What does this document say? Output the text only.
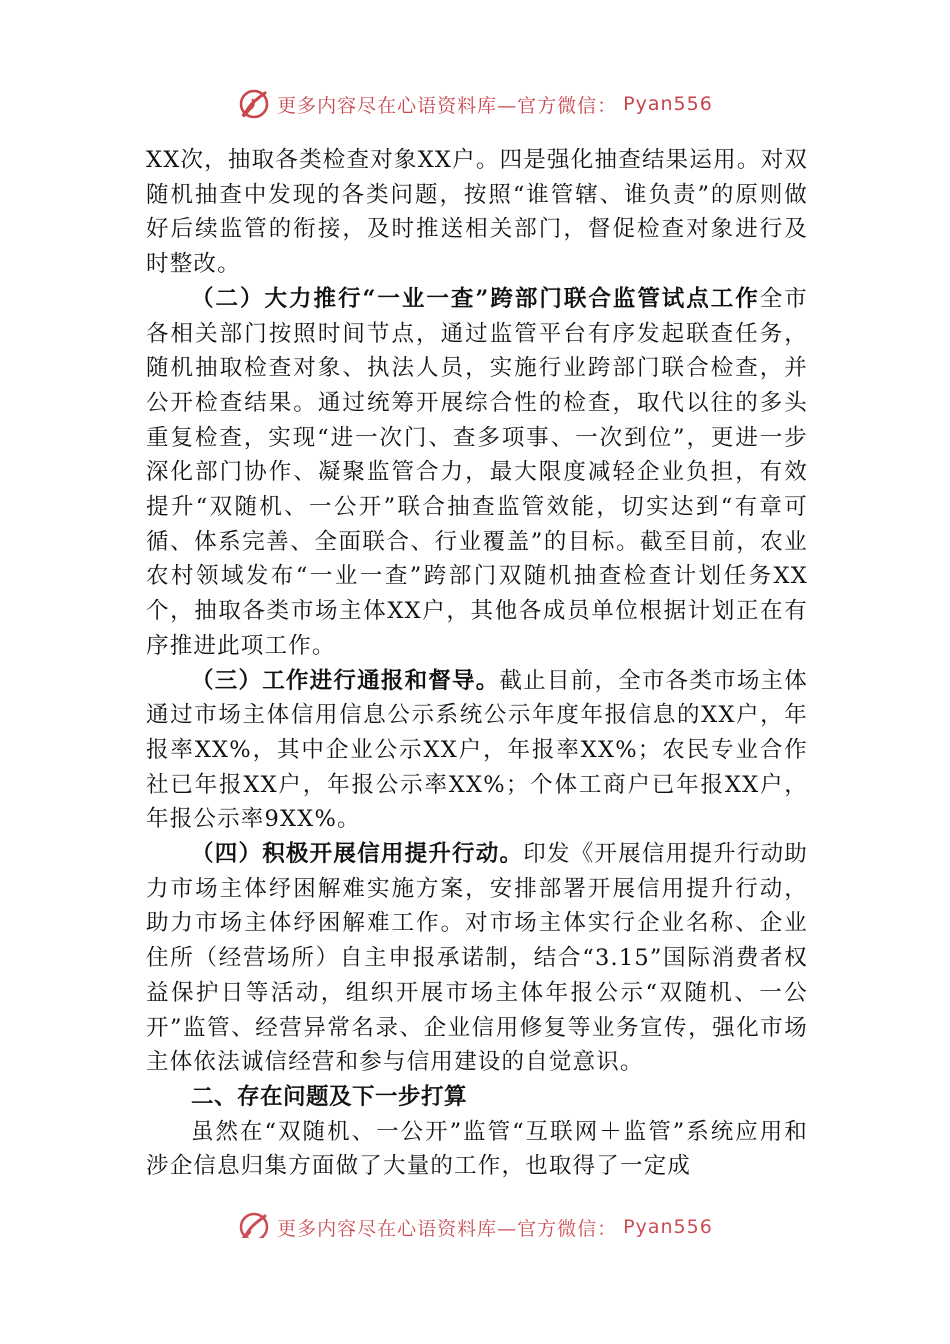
更多内容尽在心语资料库—官方微信： Pyan556

XX次，抽取各类检查对象XX户。四是强化抽查结果运用。对双随机抽查中发现的各类问题，按照“谁管辖、谁负责”的原则做好后续监管的衔接，及时推送相关部门，督促检查对象进行及时整改。

（二）大力推行“一业一查”跨部门联合监管试点工作全市各相关部门按照时间节点，通过监管平台有序发起联查任务，随机抽取检查对象、执法人员，实施行业跨部门联合检查，并公开检查结果。通过统筹开展综合性的检查，取代以往的多头重复检查，实现“进一次门、查多项事、一次到位”，更进一步深化部门协作、凝聚监管合力，最大限度减轻企业负担，有效提升“双随机、一公开”联合抽查监管效能，切实达到“有章可循、体系完善、全面联合、行业覆盖”的目标。截至目前，农业农村领域发布“一业一查”跨部门双随机抽查检查计划任务XX个，抽取各类市场主体XX户，其他各成员单位根据计划正在有序推进此项工作。

（三）工作进行通报和督导。截止目前，全市各类市场主体通过市场主体信用信息公示系统公示年度年报信息的XX户，年报率XX%，其中企业公示XX户，年报率XX%；农民专业合作社已年报XX户，年报公示率XX%；个体工商户已年报XX户，年报公示率9XX%。

（四）积极开展信用提升行动。印发《开展信用提升行动助力市场主体纾困解难实施方案，安排部署开展信用提升行动，助力市场主体纾困解难工作。对市场主体实行企业名称、企业住所（经营场所）自主申报承诺制，结合“3.15”国际消费者权益保护日等活动，组织开展市场主体年报公示“双随机、一公开”监管、经营异常名录、企业信用修复等业务宣传，强化市场主体依法诚信经营和参与信用建设的自觉意识。

二、存在问题及下一步打算

虽然在“双随机、一公开”监管“互联网＋监管”系统应用和涉企信息归集方面做了大量的工作，也取得了一定成

更多内容尽在心语资料库—官方微信： Pyan556
